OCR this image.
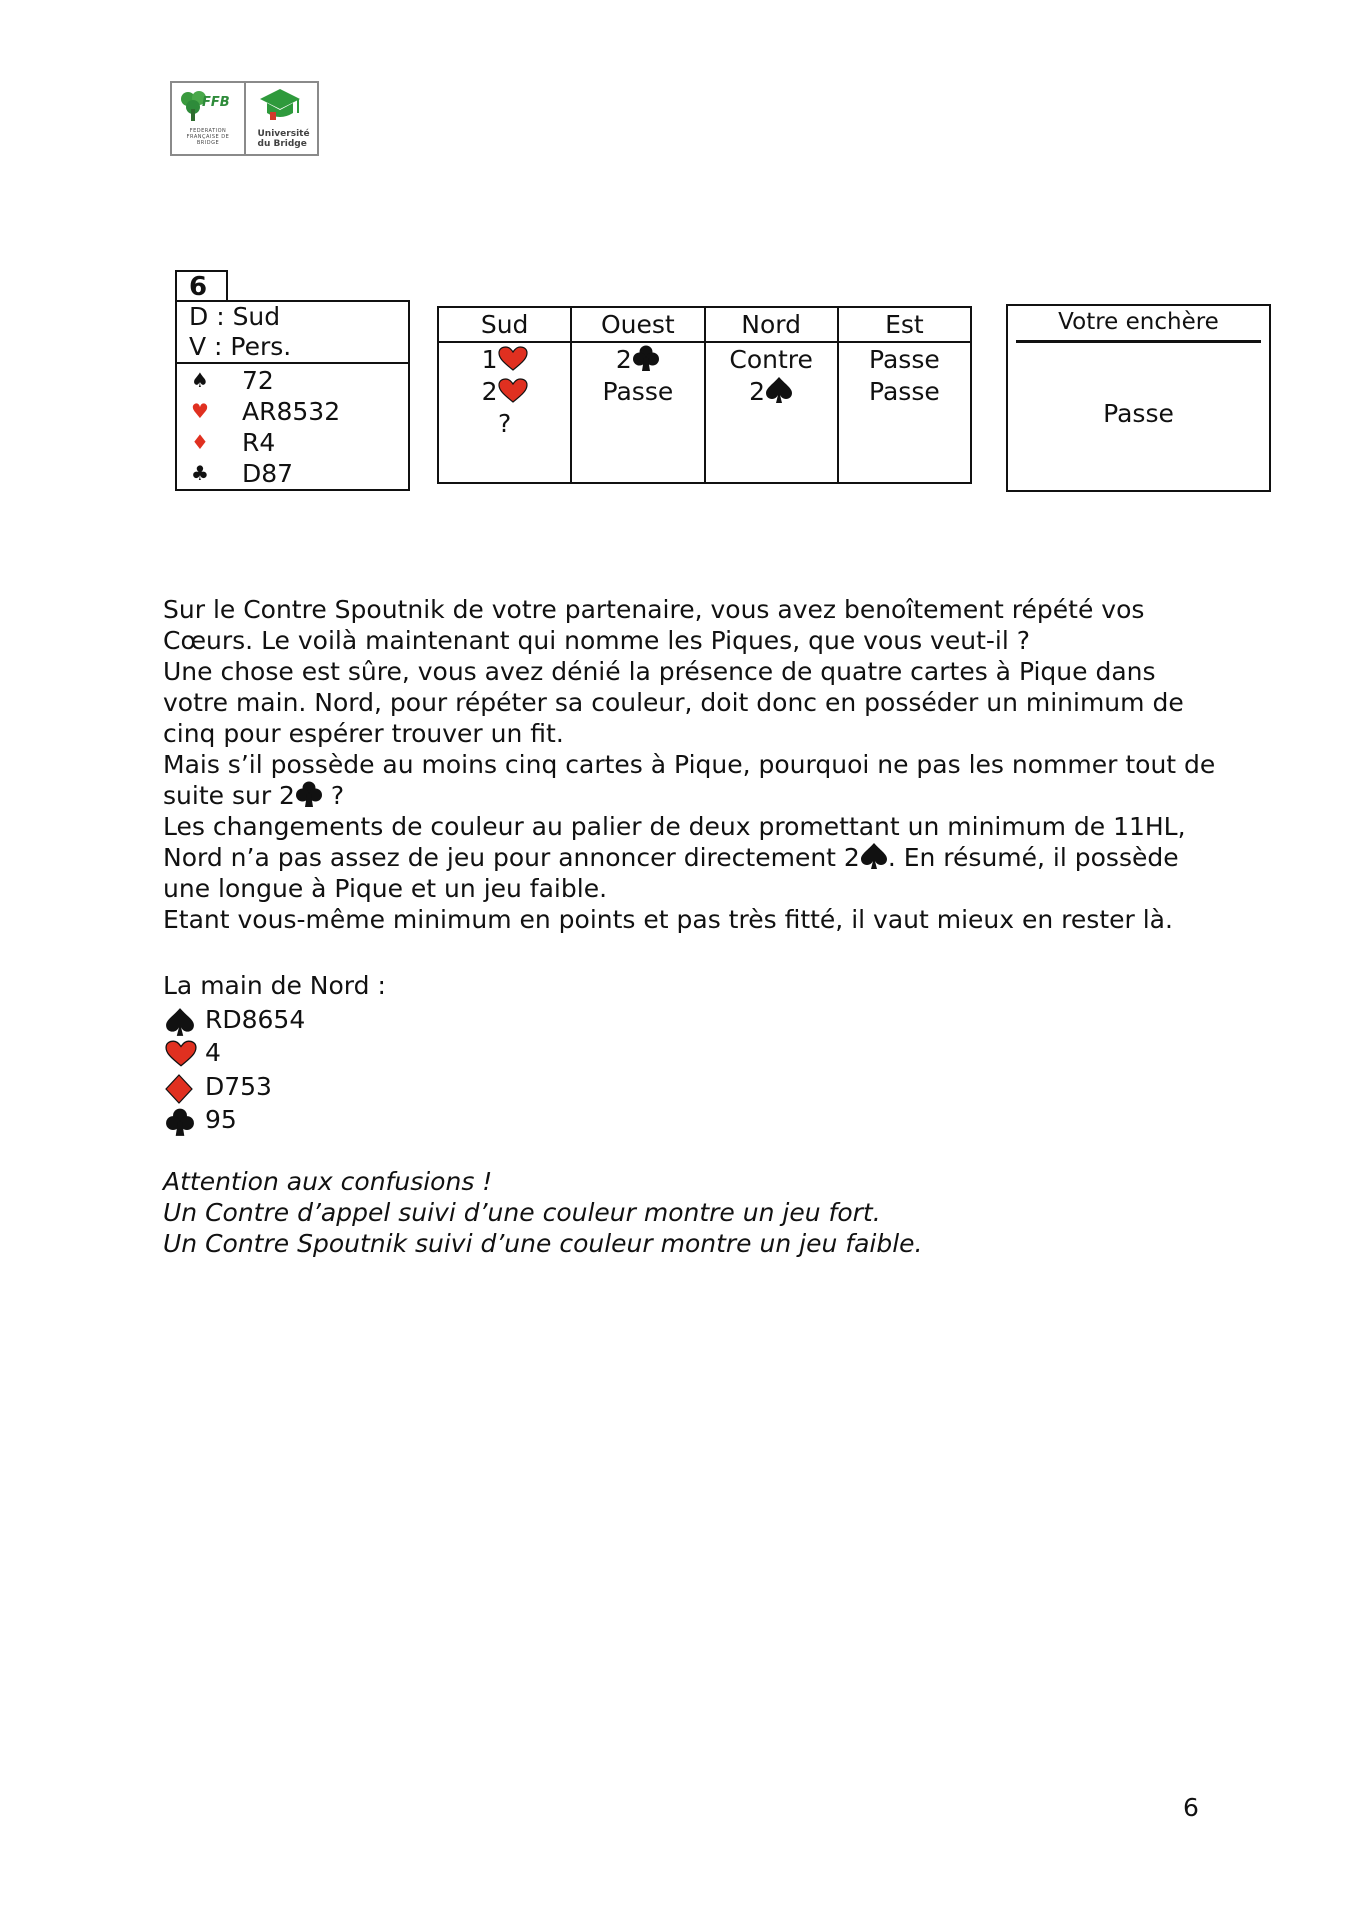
FFB
FEDERATION FRANÇAISE DE BRIDGE
Université du Bridge
6
D : Sud
V : Pers.
♠ 72
♥ AR8532
♦ R4
♣ D87
Sud
1
2
?
Ouest
2
Passe
Nord
Contre
2
Est
Passe
Passe
Votre enchère
Passe

Sur le Contre Spoutnik de votre partenaire, vous avez benoîtement répété vos Cœurs. Le voilà maintenant qui nomme les Piques, que vous veut-il ?

Une chose est sûre, vous avez dénié la présence de quatre cartes à Pique dans votre main. Nord, pour répéter sa couleur, doit donc en posséder un minimum de cinq pour espérer trouver un fit.

Mais s’il possède au moins cinq cartes à Pique, pourquoi ne pas les nommer tout de suite sur 2 ?

Les changements de couleur au palier de deux promettant un minimum de 11HL, Nord n’a pas assez de jeu pour annoncer directement 2 . En résumé, il possède une longue à Pique et un jeu faible.

Etant vous-même minimum en points et pas très fitté, il vaut mieux en rester là.

La main de Nord :
RD8654
4
D753
95
Attention aux confusions !
Un Contre d’appel suivi d’une couleur montre un jeu fort.
Un Contre Spoutnik suivi d’une couleur montre un jeu faible.
6
